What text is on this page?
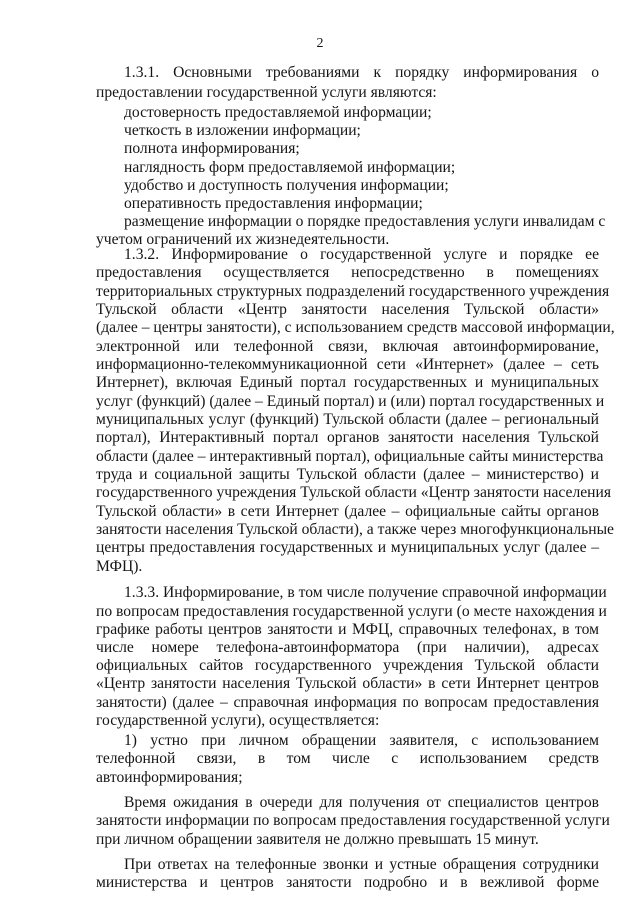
2
1.3.1. Основными требованиями к порядку информирования о
предоставлении государственной услуги являются:
достоверность предоставляемой информации;
четкость в изложении информации;
полнота информирования;
наглядность форм предоставляемой информации;
удобство и доступность получения информации;
оперативность предоставления информации;
размещение информации о порядке предоставления услуги инвалидам с
учетом ограничений их жизнедеятельности.
1.3.2. Информирование о государственной услуге и порядке ее
предоставления осуществляется непосредственно в помещениях
территориальных структурных подразделений государственного учреждения
Тульской области «Центр занятости населения Тульской области»
(далее – центры занятости), с использованием средств массовой информации,
электронной или телефонной связи, включая автоинформирование,
информационно-телекоммуникационной сети «Интернет» (далее – сеть
Интернет), включая Единый портал государственных и муниципальных
услуг (функций) (далее – Единый портал) и (или) портал государственных и
муниципальных услуг (функций) Тульской области (далее – региональный
портал), Интерактивный портал органов занятости населения Тульской
области (далее – интерактивный портал), официальные сайты министерства
труда и социальной защиты Тульской области (далее – министерство) и
государственного учреждения Тульской области «Центр занятости населения
Тульской области» в сети Интернет (далее – официальные сайты органов
занятости населения Тульской области), а также через многофункциональные
центры предоставления государственных и муниципальных услуг (далее –
МФЦ).
1.3.3. Информирование, в том числе получение справочной информации
по вопросам предоставления государственной услуги (о месте нахождения и
графике работы центров занятости и МФЦ, справочных телефонах, в том
числе номере телефона-автоинформатора (при наличии), адресах
официальных сайтов государственного учреждения Тульской области
«Центр занятости населения Тульской области» в сети Интернет центров
занятости) (далее – справочная информация по вопросам предоставления
государственной услуги), осуществляется:
1) устно при личном обращении заявителя, с использованием
телефонной связи, в том числе с использованием средств
автоинформирования;
Время ожидания в очереди для получения от специалистов центров
занятости информации по вопросам предоставления государственной услуги
при личном обращении заявителя не должно превышать 15 минут.
При ответах на телефонные звонки и устные обращения сотрудники
министерства и центров занятости подробно и в вежливой форме
